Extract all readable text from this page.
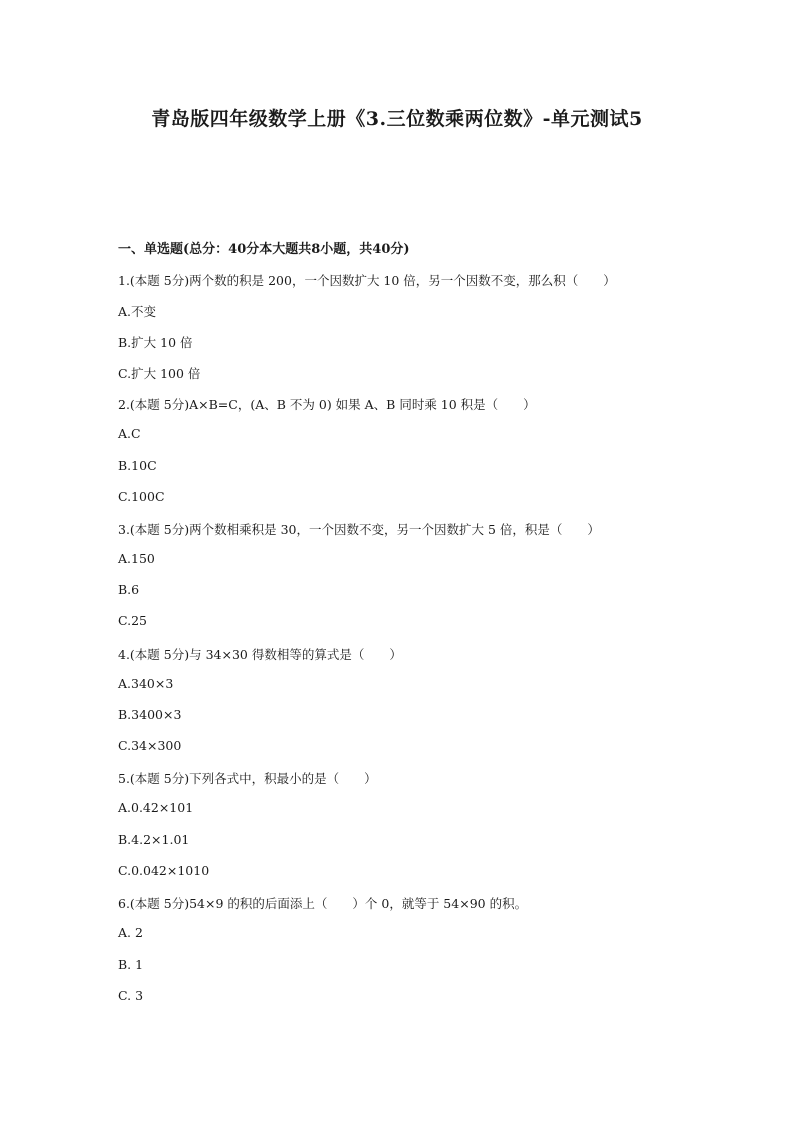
青岛版四年级数学上册《3.三位数乘两位数》-单元测试5
一、单选题(总分：40分本大题共8小题，共40分)
1.(本题 5分)两个数的积是 200，一个因数扩大 10 倍，另一个因数不变，那么积（　　）
A.不变
B.扩大 10 倍
C.扩大 100 倍
2.(本题 5分)A×B=C，(A、B 不为 0) 如果 A、B 同时乘 10 积是（　　）
A.C
B.10C
C.100C
3.(本题 5分)两个数相乘积是 30，一个因数不变，另一个因数扩大 5 倍，积是（　　）
A.150
B.6
C.25
4.(本题 5分)与 34×30 得数相等的算式是（　　）
A.340×3
B.3400×3
C.34×300
5.(本题 5分)下列各式中，积最小的是（　　）
A.0.42×101
B.4.2×1.01
C.0.042×1010
6.(本题 5分)54×9 的积的后面添上（　　）个 0，就等于 54×90 的积。
A. 2
B. 1
C. 3
